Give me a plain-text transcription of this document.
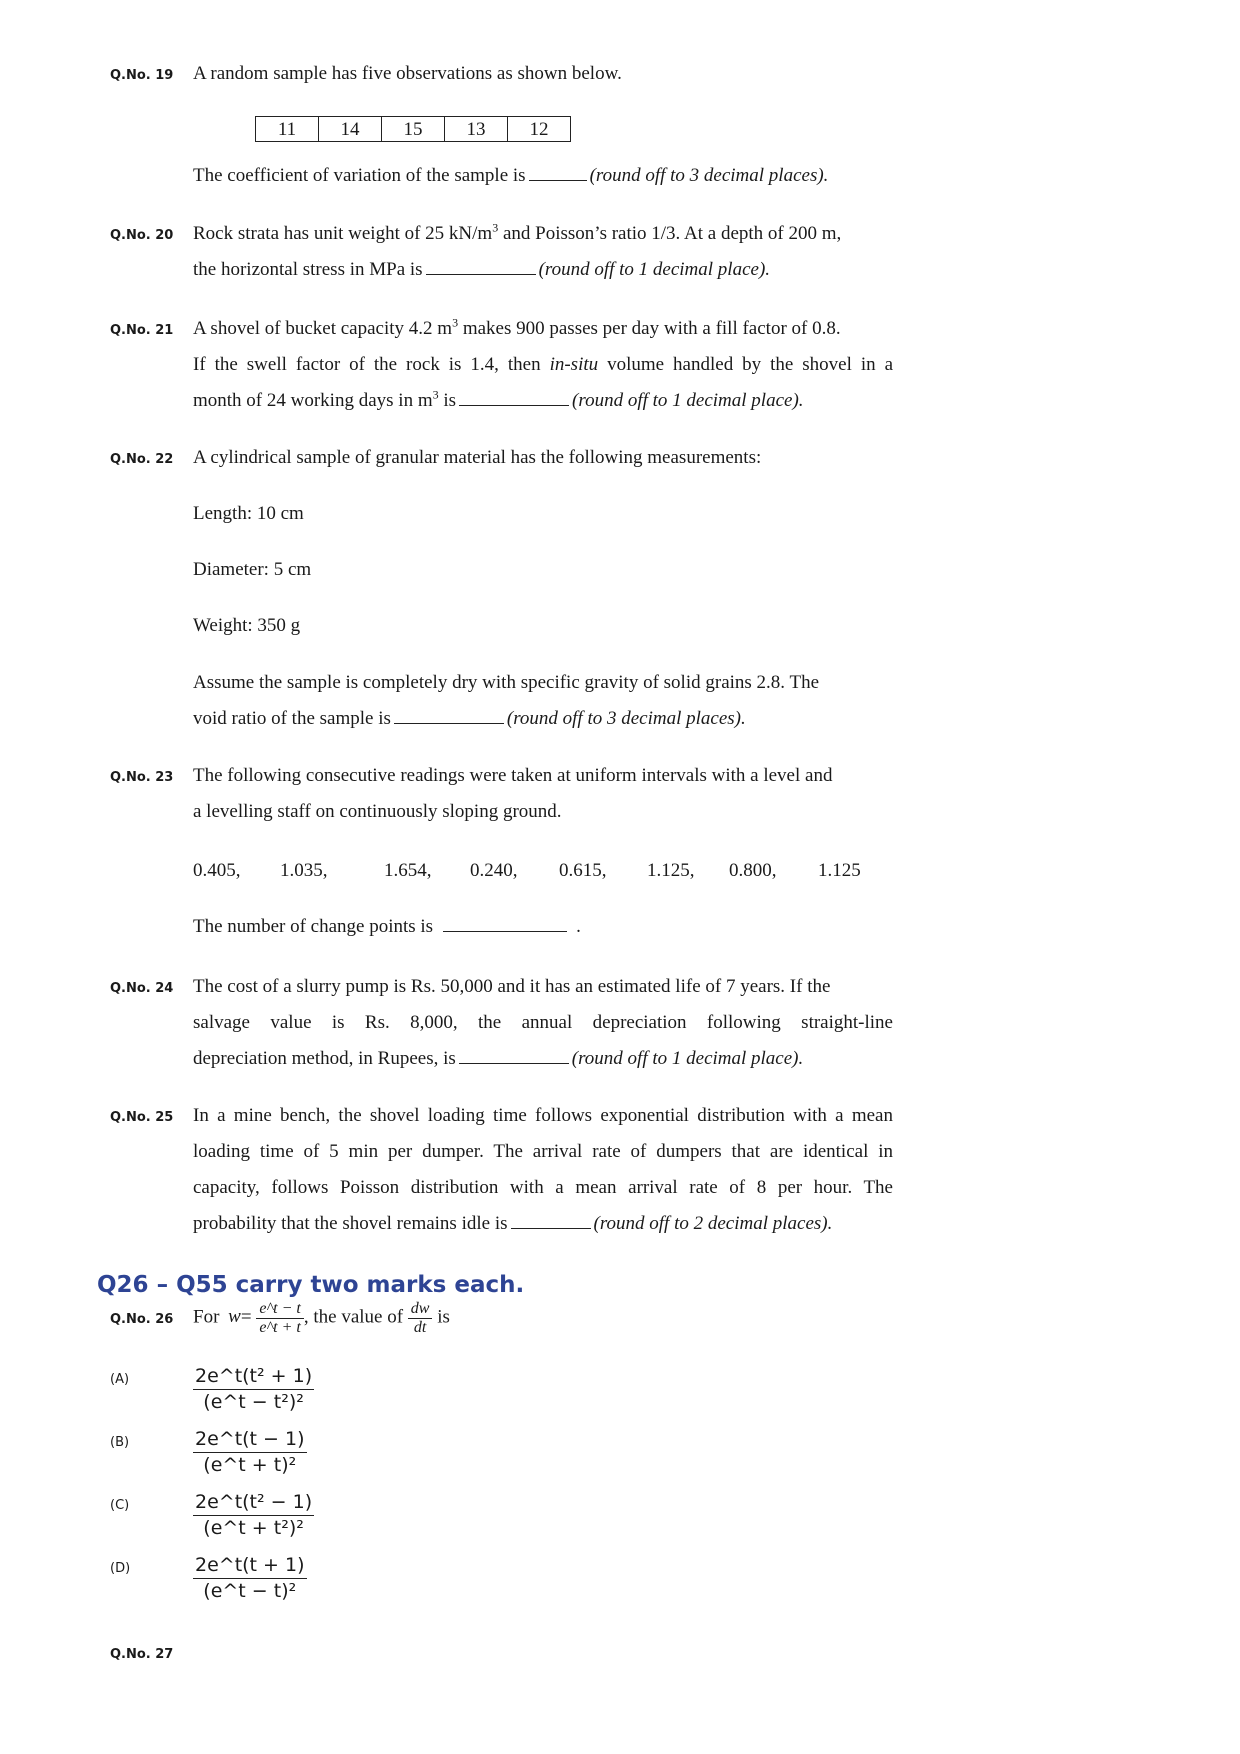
Q.No. 19 A random sample has five observations as shown below.
11	14	15	13	12
The coefficient of variation of the sample is	(round off to 3 decimal places).
Q.No. 20 Rock strata has unit weight of 25 $kN/m^3$ and Poisson’s ratio 1/3. At a depth of 200 m,
the horizontal stress in MPa is	(round off to 1 decimal place).
Q.No. 21 A shovel of bucket capacity 4.2 $m^3$ makes 900 passes per day with a fill factor of 0.8.
If the swell factor of the rock is 1.4, then in-situ volume handled by the shovel in a
month of 24 working days in $m^3$ is	(round off to 1 decimal place).
Q.No. 22 A cylindrical sample of granular material has the following measurements:
Length: 10 cm
Diameter: 5 cm
Weight: 350 g
Assume the sample is completely dry with specific gravity of solid grains 2.8. The
void ratio of the sample is	(round off to 3 decimal places).
Q.No. 23 The following consecutive readings were taken at uniform intervals with a level and
a levelling staff on continuously sloping ground.
0.405, 1.035,	1.654, 0.240, 0.615, 1.125, 0.800, 1.125
The number of change points is	.
Q.No. 24 The cost of a slurry pump is Rs. 50,000 and it has an estimated life of 7 years. If the
salvage value is Rs. 8,000, the annual depreciation following straight-line
depreciation method, in Rupees, is	(round off to 1 decimal place).
Q.No. 25 In a mine bench, the shovel loading time follows exponential distribution with a mean
loading time of 5 min per dumper. The arrival rate of dumpers that are identical in
capacity, follows Poisson distribution with a mean arrival rate of 8 per hour. The
probability that the shovel remains idle is	(round off to 2 decimal places).
Q26 – Q55 carry two marks each.
Q.No. 26 For $w= \frac{e\^{}t - t}{e\^{}t + t}$ , the value of $\frac{dw}{dt}$ is
(A)	$\frac{\text{2e\textasciicircum{}t(t² + 1)}}{\text{(e\textasciicircum{}t − t²)²}}$
(B)	$\frac{2e\^{}t(t - 1)}{\text{(e\textasciicircum{}t + t)²}}$
(C)	$\frac{\text{2e\textasciicircum{}t(t² − 1)}}{\text{(e\textasciicircum{}t + t²)²}}$
(D)	$\frac{2e\^{}t(t + 1)}{\text{(e\textasciicircum{}t − t)²}}$
Q.No. 27
